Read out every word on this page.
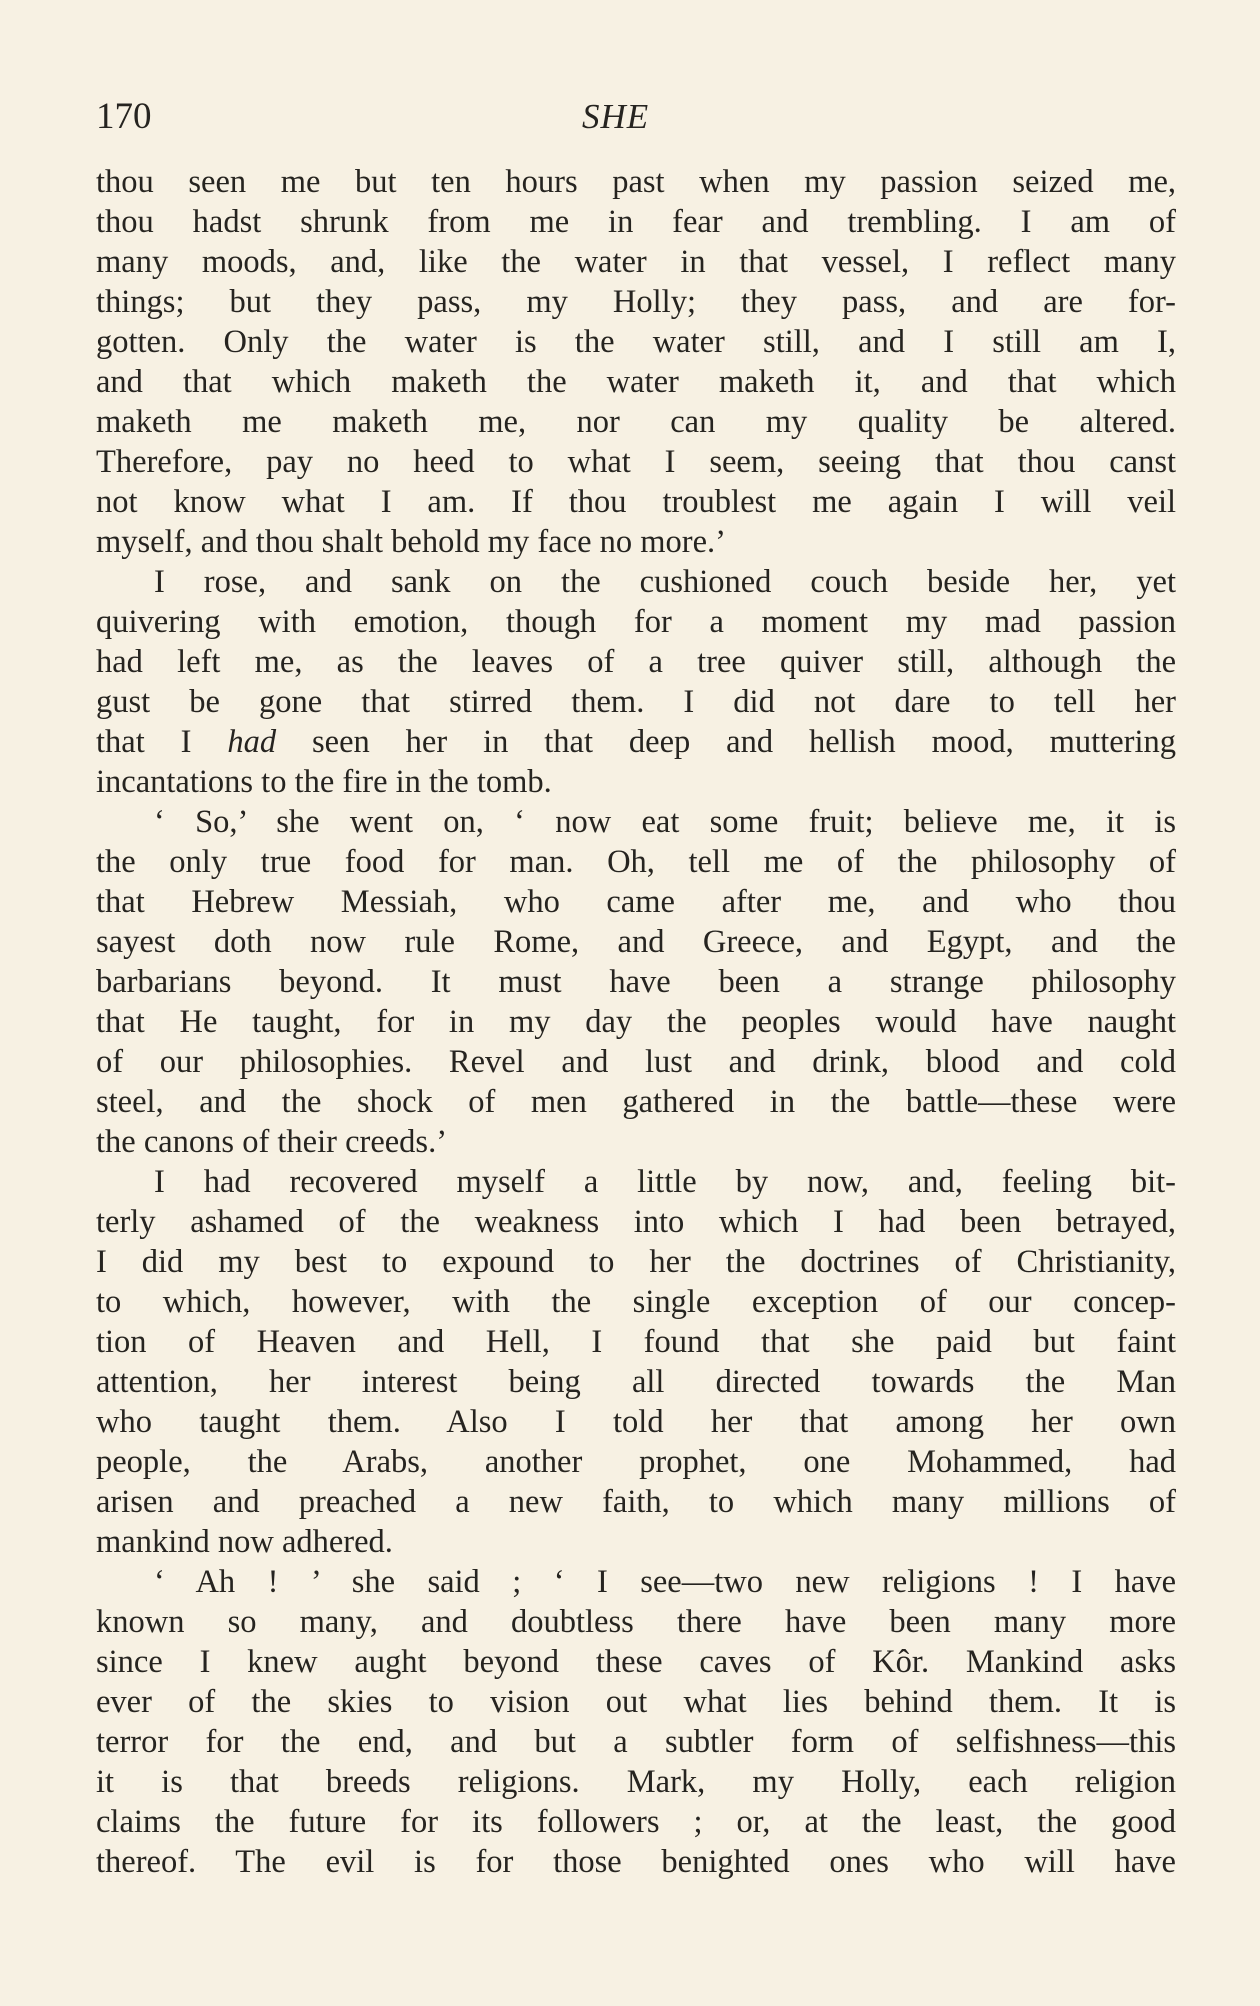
170	SHE
thou seen me but ten hours past when my passion seized me,
thou hadst shrunk from me in fear and trembling. I am of
many moods, and, like the water in that vessel, I reflect many
things; but they pass, my Holly; they pass, and are for-
gotten. Only the water is the water still, and I still am I,
and that which maketh the water maketh it, and that which
maketh me maketh me, nor can my quality be altered.
Therefore, pay no heed to what I seem, seeing that thou canst
not know what I am. If thou troublest me again I will veil
myself, and thou shalt behold my face no more.’
I rose, and sank on the cushioned couch beside her, yet
quivering with emotion, though for a moment my mad passion
had left me, as the leaves of a tree quiver still, although the
gust be gone that stirred them. I did not dare to tell her
that I had seen her in that deep and hellish mood, muttering
incantations to the fire in the tomb.
‘ So,’ she went on, ‘ now eat some fruit; believe me, it is
the only true food for man. Oh, tell me of the philosophy of
that Hebrew Messiah, who came after me, and who thou
sayest doth now rule Rome, and Greece, and Egypt, and the
barbarians beyond. It must have been a strange philosophy
that He taught, for in my day the peoples would have naught
of our philosophies. Revel and lust and drink, blood and cold
steel, and the shock of men gathered in the battle—these were
the canons of their creeds.’
I had recovered myself a little by now, and, feeling bit-
terly ashamed of the weakness into which I had been betrayed,
I did my best to expound to her the doctrines of Christianity,
to which, however, with the single exception of our concep-
tion of Heaven and Hell, I found that she paid but faint
attention, her interest being all directed towards the Man
who taught them. Also I told her that among her own
people, the Arabs, another prophet, one Mohammed, had
arisen and preached a new faith, to which many millions of
mankind now adhered.
‘ Ah ! ’ she said ; ‘ I see—two new religions ! I have
known so many, and doubtless there have been many more
since I knew aught beyond these caves of Kôr. Mankind asks
ever of the skies to vision out what lies behind them. It is
terror for the end, and but a subtler form of selfishness—this
it is that breeds religions. Mark, my Holly, each religion
claims the future for its followers ; or, at the least, the good
thereof. The evil is for those benighted ones who will have
